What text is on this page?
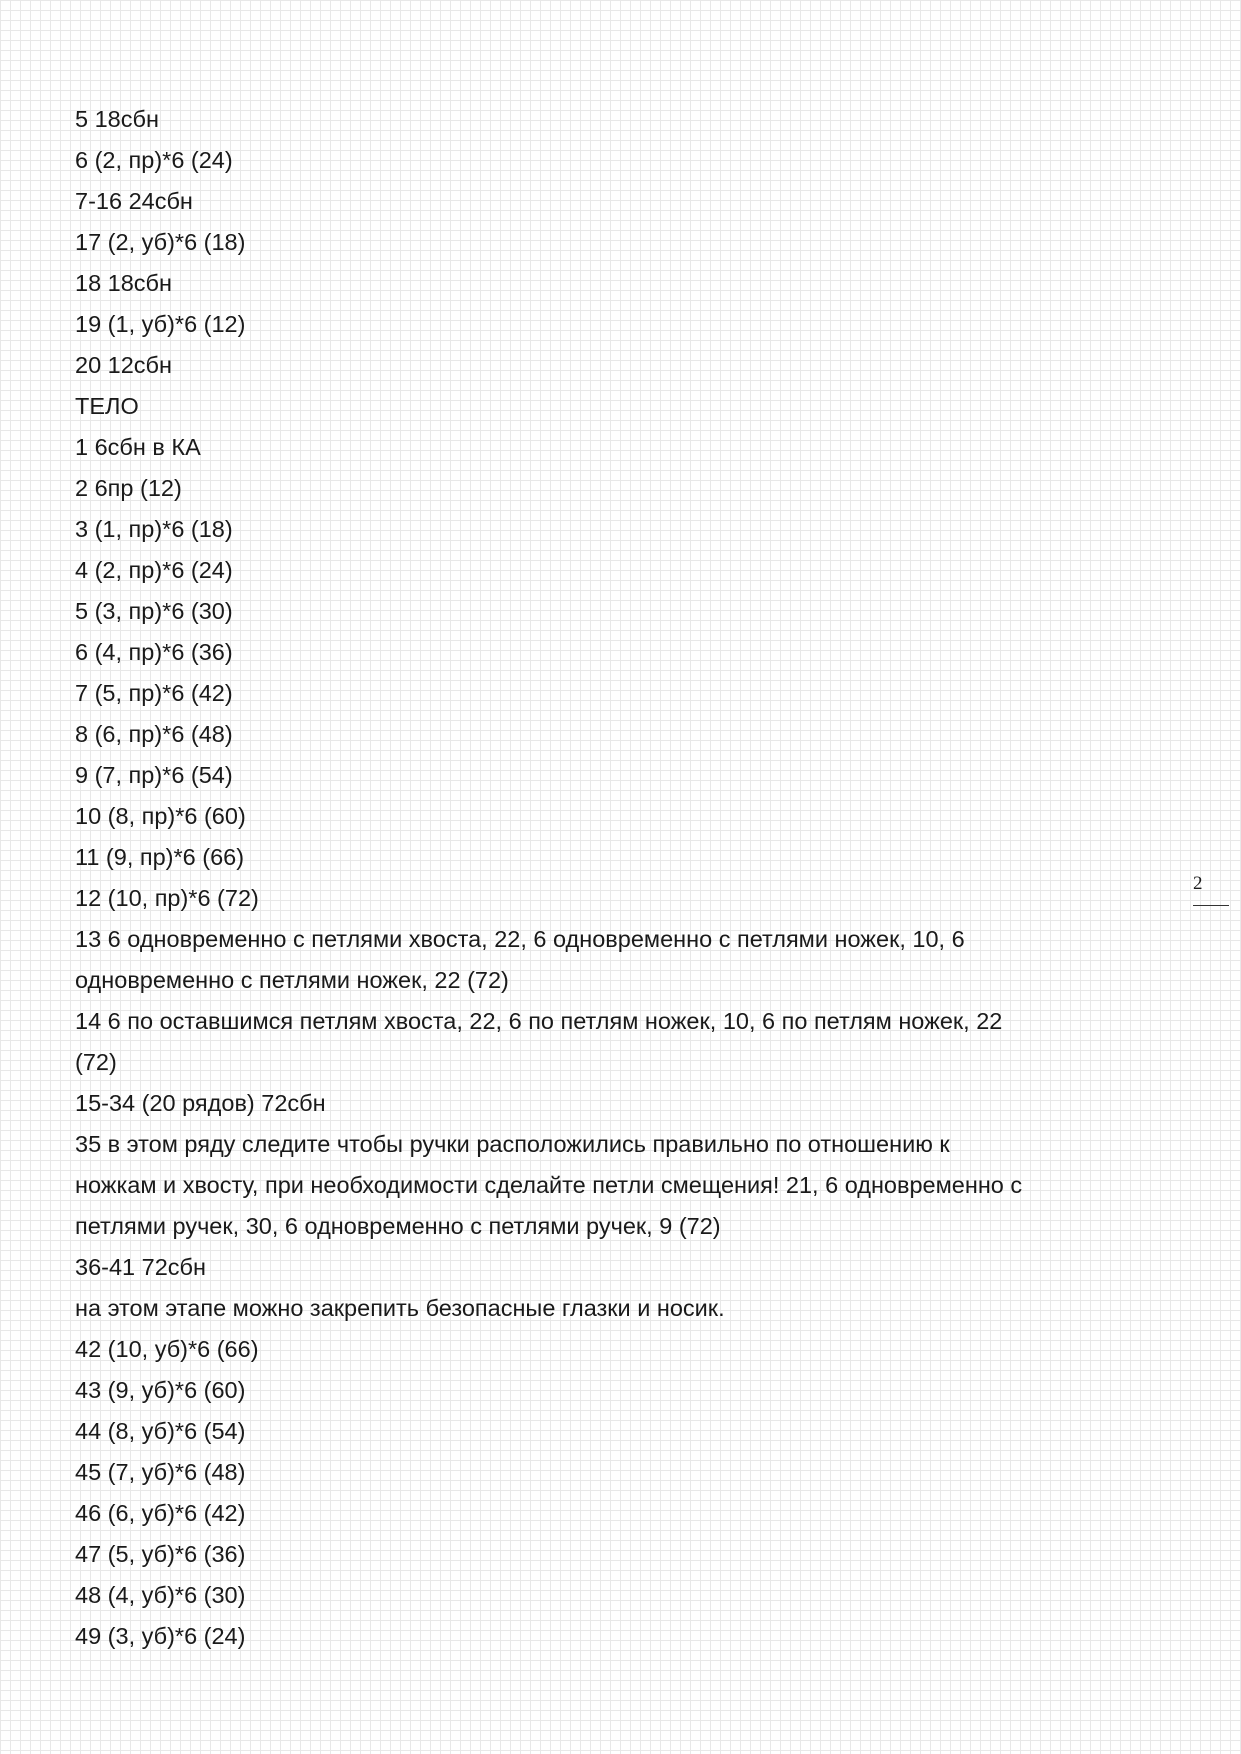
5 18сбн
6 (2, пр)*6 (24)
7-16 24сбн
17 (2, уб)*6 (18)
18 18сбн
19 (1, уб)*6 (12)
20 12сбн
ТЕЛО
1 6сбн в КА
2 6пр (12)
3 (1, пр)*6 (18)
4 (2, пр)*6 (24)
5 (3, пр)*6 (30)
6 (4, пр)*6 (36)
7 (5, пр)*6 (42)
8 (6, пр)*6 (48)
9 (7, пр)*6 (54)
10 (8, пр)*6 (60)
11 (9, пр)*6 (66)
12 (10, пр)*6 (72)
13 6 одновременно с петлями хвоста, 22, 6 одновременно с петлями ножек, 10, 6
одновременно с петлями ножек, 22 (72)
14 6 по оставшимся петлям хвоста, 22, 6 по петлям ножек, 10, 6 по петлям ножек, 22
(72)
15-34 (20 рядов) 72сбн
35 в этом ряду следите чтобы ручки расположились правильно по отношению к
ножкам и хвосту, при необходимости сделайте петли смещения! 21, 6 одновременно с
петлями ручек, 30, 6 одновременно с петлями ручек, 9 (72)
36-41 72сбн
на этом этапе можно закрепить безопасные глазки и носик.
42 (10, уб)*6 (66)
43 (9, уб)*6 (60)
44 (8, уб)*6 (54)
45 (7, уб)*6 (48)
46 (6, уб)*6 (42)
47 (5, уб)*6 (36)
48 (4, уб)*6 (30)
49 (3, уб)*6 (24)
2
